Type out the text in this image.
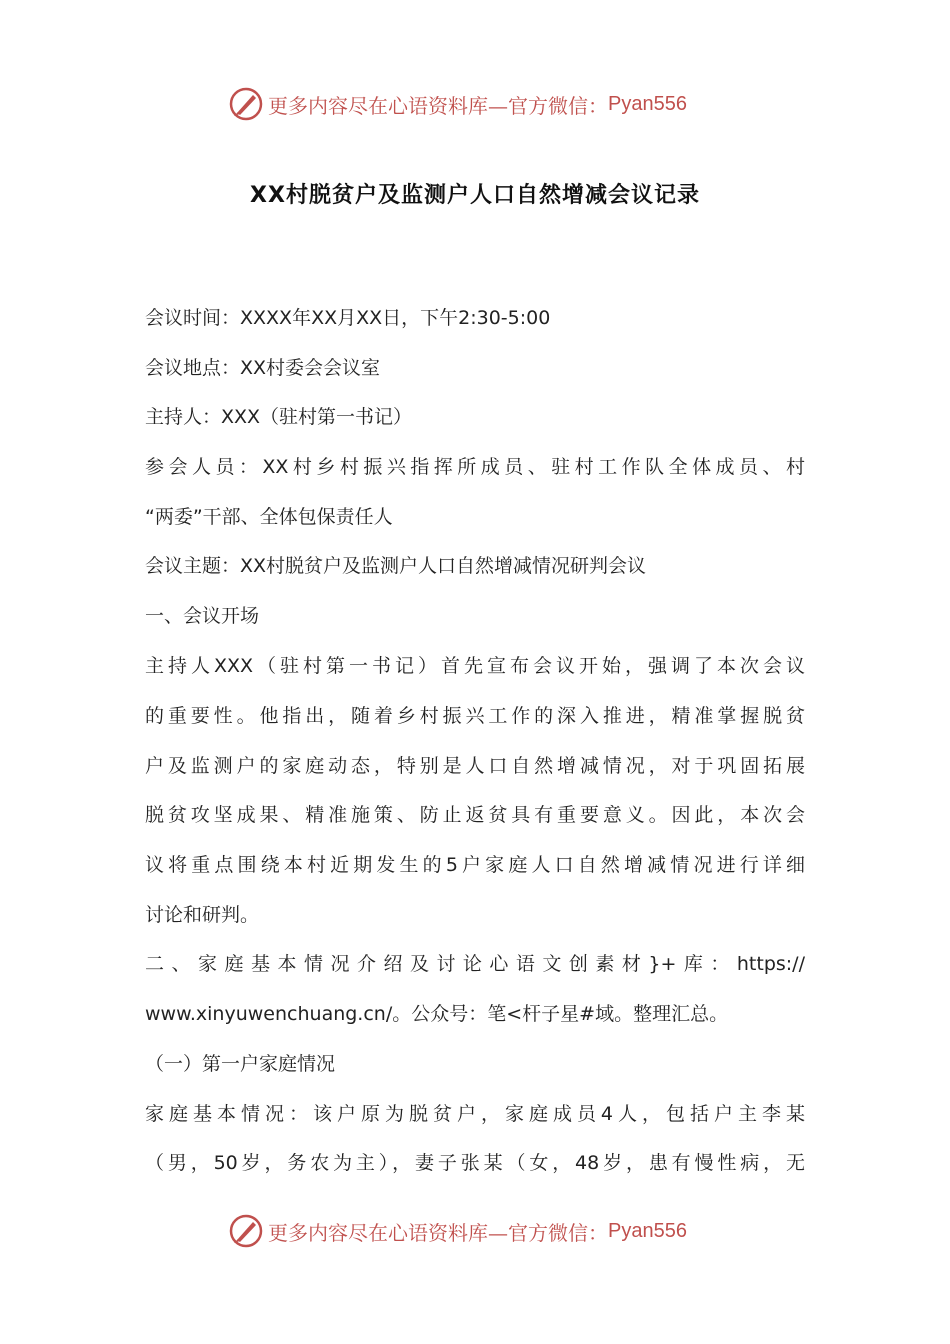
更多内容尽在心语资料库—官方微信： Pyan556
XX村脱贫户及监测户人口自然增减会议记录
会议时间：XXXX年XX月XX日，下午2:30-5:00
会议地点：XX村委会会议室
主持人：XXX（驻村第一书记）
参会人员：XX村乡村振兴指挥所成员、驻村工作队全体成员、村
“两委”干部、全体包保责任人
会议主题：XX村脱贫户及监测户人口自然增减情况研判会议
一、会议开场
主持人XXX（驻村第一书记）首先宣布会议开始，强调了本次会议
的重要性。他指出，随着乡村振兴工作的深入推进，精准掌握脱贫
户及监测户的家庭动态，特别是人口自然增减情况，对于巩固拓展
脱贫攻坚成果、精准施策、防止返贫具有重要意义。因此，本次会
议将重点围绕本村近期发生的5户家庭人口自然增减情况进行详细
讨论和研判。
二、家庭基本情况介绍及讨论心语文创素材}+库：https://
www.xinyuwenchuang.cn/。公众号：笔<杆子星#域。整理汇总。
（一）第一户家庭情况
家庭基本情况：该户原为脱贫户，家庭成员4人，包括户主李某
（男，50岁，务农为主），妻子张某（女，48岁，患有慢性病，无
更多内容尽在心语资料库—官方微信： Pyan556
